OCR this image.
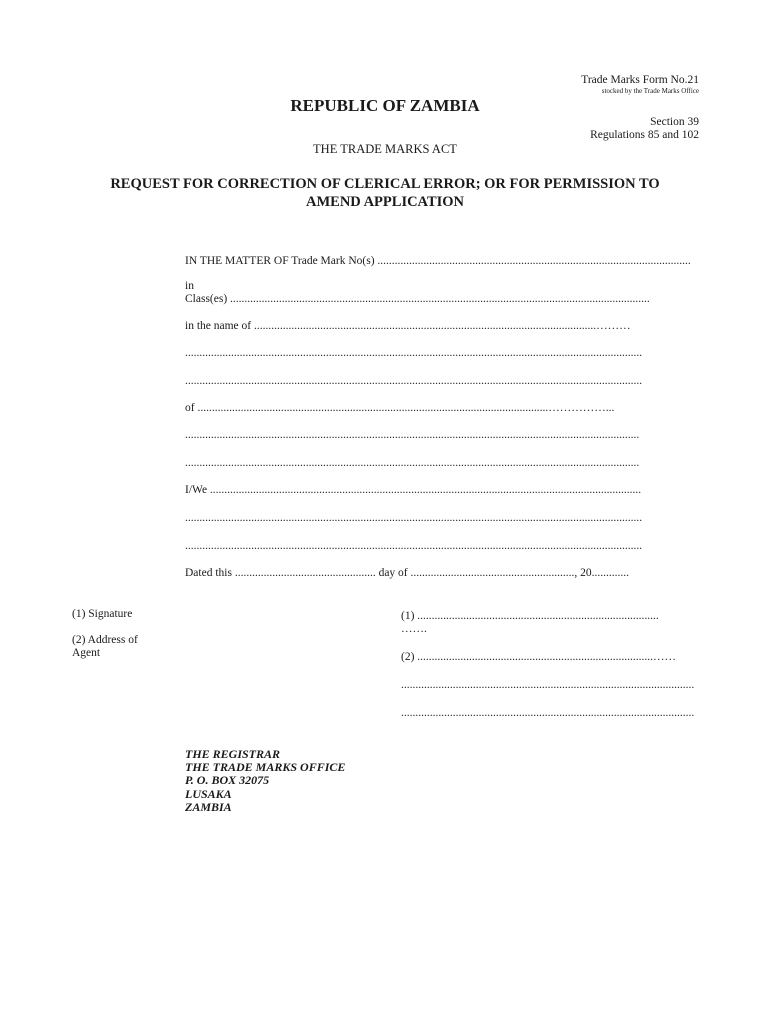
Trade Marks Form No.21
stocked by the Trade Marks Office
REPUBLIC OF ZAMBIA
Section 39
Regulations 85 and 102
THE TRADE MARKS ACT
REQUEST FOR CORRECTION OF CLERICAL ERROR; OR FOR PERMISSION TO
AMEND APPLICATION
IN THE MATTER OF Trade Mark No(s) .............................................................................................................
in
Class(es) ..................................................................................................................................................
in the name of .......................................................................................................................………
...............................................................................................................................................................
...............................................................................................................................................................
of ..........................................................................................................................……………...
..............................................................................................................................................................
..............................................................................................................................................................
I/We ......................................................................................................................................................
...............................................................................................................................................................
...............................................................................................................................................................
Dated this ................................................. day of ........................................................., 20.............
(1) Signature
(2) Address of
Agent
(1) ....................................................................................
…….
(2) ..................................................................................……
......................................................................................................
......................................................................................................
THE REGISTRAR
THE TRADE MARKS OFFICE
P. O. BOX 32075
LUSAKA
ZAMBIA
